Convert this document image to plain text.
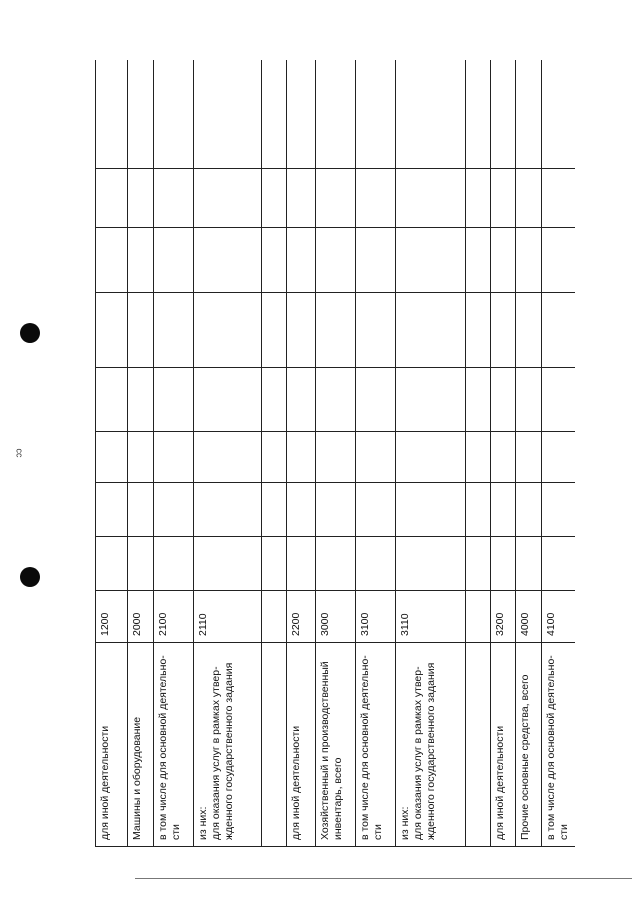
ͻͻ
для иной деятельности	1200								
Машины и оборудование	2000								
в том числе для основной деятельно-сти	2100								

из них: для оказания услуг в рамках утвер-жденного государственного задания	2110								

для иной деятельности	2200								
Хозяйственный и производственный инвентарь, всего	3000								
в том числе для основной деятельно-сти	3100								

из них: для оказания услуг в рамках утвер-жденного государственного задания	3110								

для иной деятельности	3200								
Прочие основные средства, всего	4000								
в том числе для основной деятельно-сти	4100								
